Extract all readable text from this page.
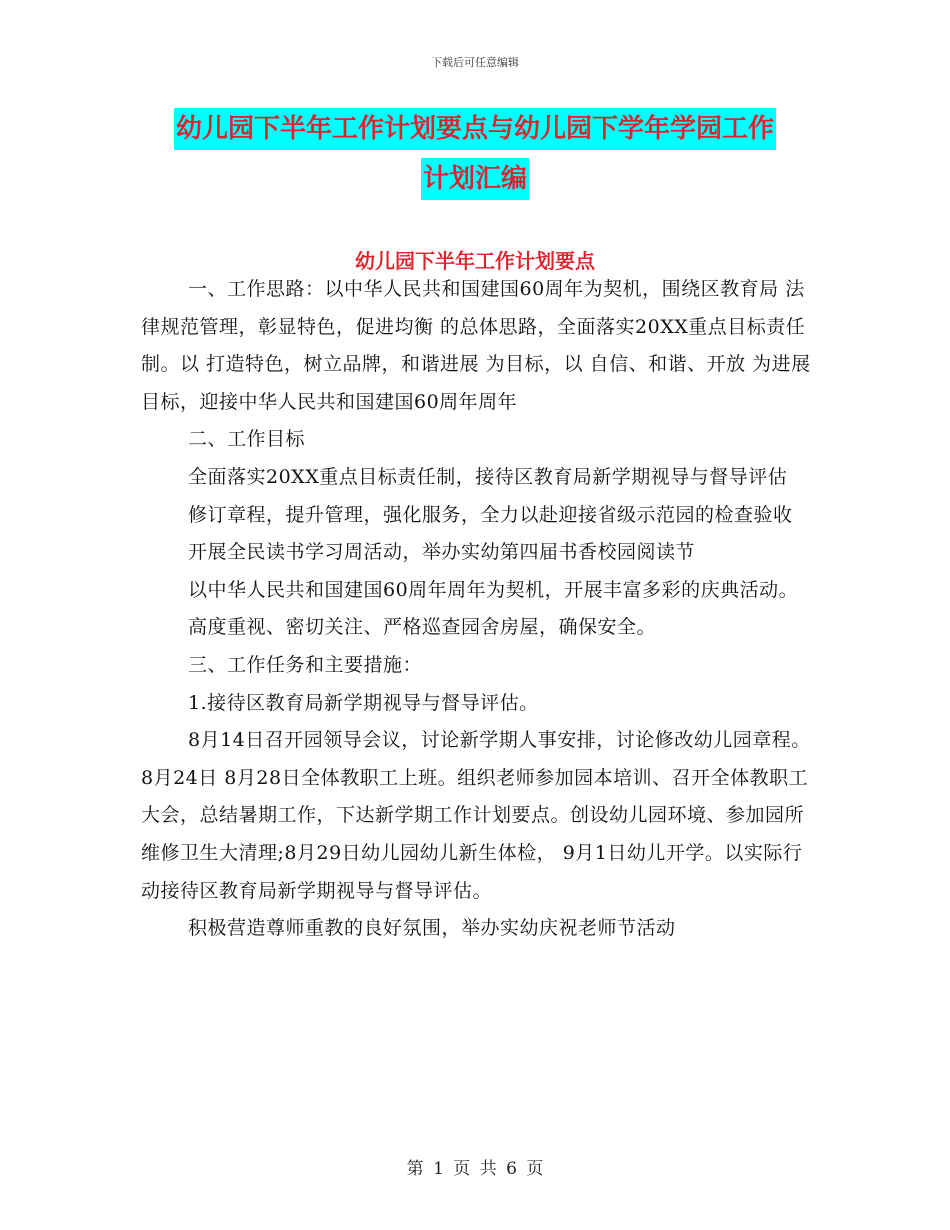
下载后可任意编辑
幼儿园下半年工作计划要点与幼儿园下学年学园工作
计划汇编
幼儿园下半年工作计划要点

一、工作思路：以中华人民共和国建国60周年为契机，围绕区教育局 法律规范管理，彰显特色，促进均衡 的总体思路，全面落实20XX重点目标责任制。以 打造特色，树立品牌，和谐进展 为目标，以 自信、和谐、开放 为进展目标，迎接中华人民共和国建国60周年周年

二、工作目标

全面落实20XX重点目标责任制，接待区教育局新学期视导与督导评估

修订章程，提升管理，强化服务，全力以赴迎接省级示范园的检查验收

开展全民读书学习周活动，举办实幼第四届书香校园阅读节

以中华人民共和国建国60周年周年为契机，开展丰富多彩的庆典活动。

高度重视、密切关注、严格巡查园舍房屋，确保安全。

三、工作任务和主要措施：

1.接待区教育局新学期视导与督导评估。

8月14日召开园领导会议，讨论新学期人事安排，讨论修改幼儿园章程。8月24日 8月28日全体教职工上班。组织老师参加园本培训、召开全体教职工大会，总结暑期工作，下达新学期工作计划要点。创设幼儿园环境、参加园所维修卫生大清理;8月29日幼儿园幼儿新生体检， 9月1日幼儿开学。以实际行动接待区教育局新学期视导与督导评估。

积极营造尊师重教的良好氛围，举办实幼庆祝老师节活动

第 1 页 共 6 页
